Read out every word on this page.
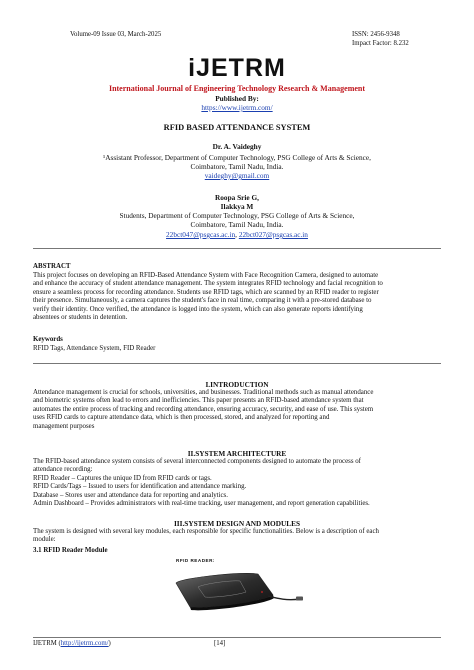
Volume-09 Issue 03, March-2025	ISSN: 2456-9348
Impact Factor: 8.232
iJETRM
International Journal of Engineering Technology Research & Management
Published By:
https://www.ijetrm.com/
RFID BASED ATTENDANCE SYSTEM
Dr. A. Vaideghy
¹Assistant Professor, Department of Computer Technology, PSG College of Arts & Science,
Coimbatore, Tamil Nadu, India.
vaideghy@gmail.com
Roopa Srie G,
Ilakkya M
Students, Department of Computer Technology, PSG College of Arts & Science,
Coimbatore, Tamil Nadu, India.
22bct047@psgcas.ac.in, 22bct027@psgcas.ac.in
ABSTRACT
This project focuses on developing an RFID-Based Attendance System with Face Recognition Camera, designed to automate
and enhance the accuracy of student attendance management. The system integrates RFID technology and facial recognition to
ensure a seamless process for recording attendance. Students use RFID tags, which are scanned by an RFID reader to register
their presence. Simultaneously, a camera captures the student's face in real time, comparing it with a pre-stored database to
verify their identity. Once verified, the attendance is logged into the system, which can also generate reports identifying
absentees or students in detention.
Keywords
RFID Tags, Attendance System, FID Reader
I.INTRODUCTION
Attendance management is crucial for schools, universities, and businesses. Traditional methods such as manual attendance
and biometric systems often lead to errors and inefficiencies. This paper presents an RFID-based attendance system that
automates the entire process of tracking and recording attendance, ensuring accuracy, security, and ease of use. This system
uses RFID cards to capture attendance data, which is then processed, stored, and analyzed for reporting and
management purposes
II.SYSTEM ARCHITECTURE
The RFID-based attendance system consists of several interconnected components designed to automate the process of
attendance recording:
RFID Reader – Captures the unique ID from RFID cards or tags.
RFID Cards/Tags – Issued to users for identification and attendance marking.
Database – Stores user and attendance data for reporting and analytics.
Admin Dashboard – Provides administrators with real-time tracking, user management, and report generation capabilities.
III.SYSTEM DESIGN AND MODULES
The system is designed with several key modules, each responsible for specific functionalities. Below is a description of each
module:
3.1 RFID Reader Module
RFID READER:
IJETRM (http://ijetrm.com/)	[14]
